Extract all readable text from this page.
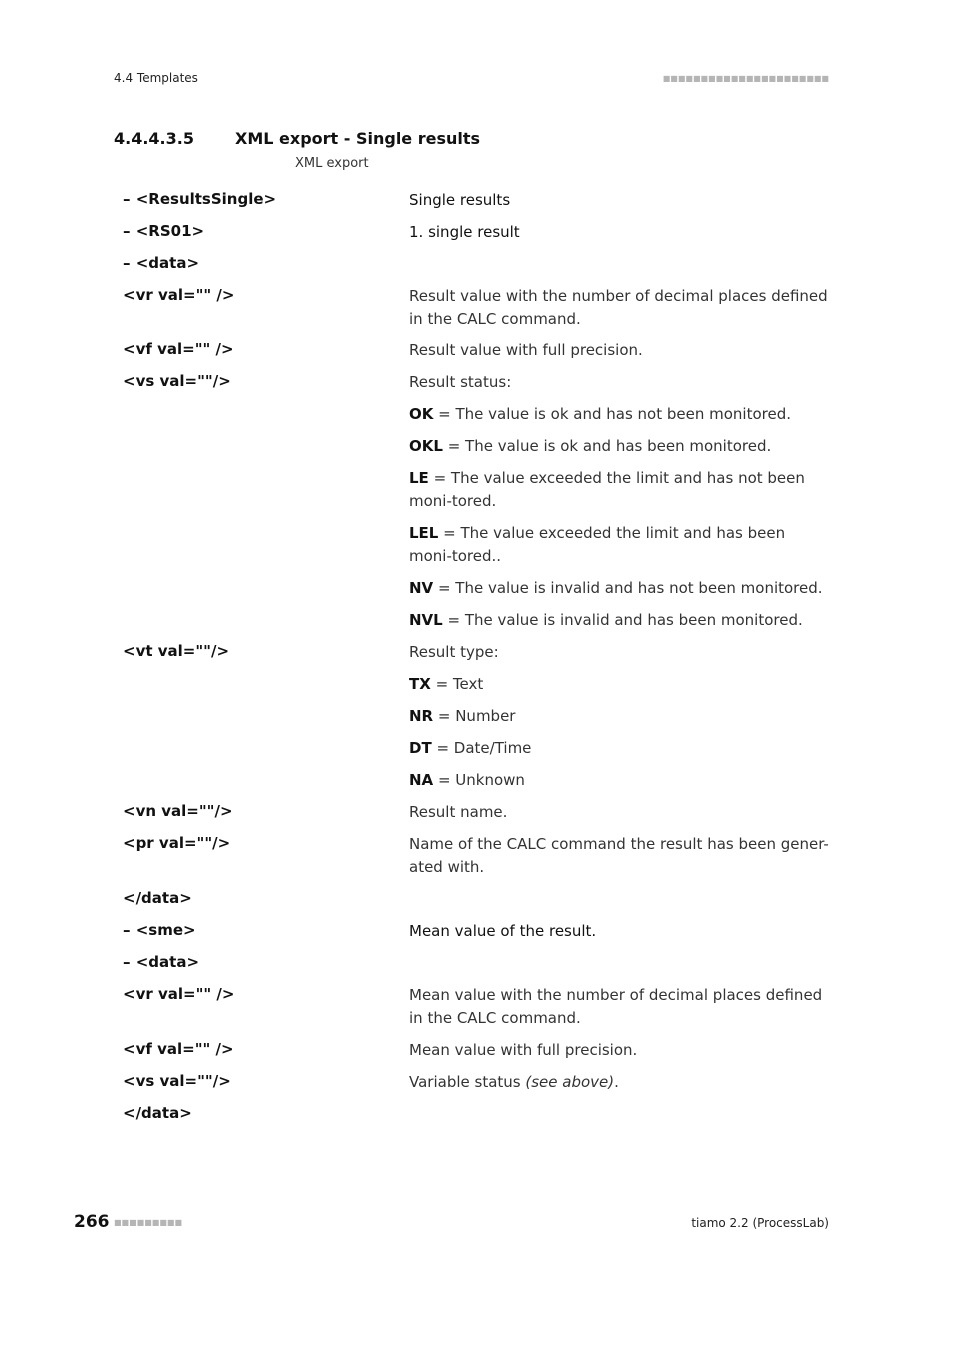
4.4 Templates	■■■■■■■■■■■■■■■■■■■■■■
4.4.4.3.5	XML export - Single results
XML export
– <ResultsSingle>	Single results
– <RS01>	1. single result
– <data>
<vr val="" />	Result value with the number of decimal places defined in the CALC command.
<vf val="" />	Result value with full precision.
<vs val=""/>	Result status:
OK = The value is ok and has not been monitored.
OKL = The value is ok and has been monitored.
LE = The value exceeded the limit and has not been moni-tored.
LEL = The value exceeded the limit and has been moni-tored..
NV = The value is invalid and has not been monitored.
NVL = The value is invalid and has been monitored.
<vt val=""/>	Result type:
TX = Text
NR = Number
DT = Date/Time
NA = Unknown
<vn val=""/>	Result name.
<pr val=""/>	Name of the CALC command the result has been gener-ated with.
</data>
– <sme>	Mean value of the result.
– <data>
<vr val="" />	Mean value with the number of decimal places defined in the CALC command.
<vf val="" />	Mean value with full precision.
<vs val=""/>	Variable status (see above).
</data>
266 ■■■■■■■■■	tiamo 2.2 (ProcessLab)
